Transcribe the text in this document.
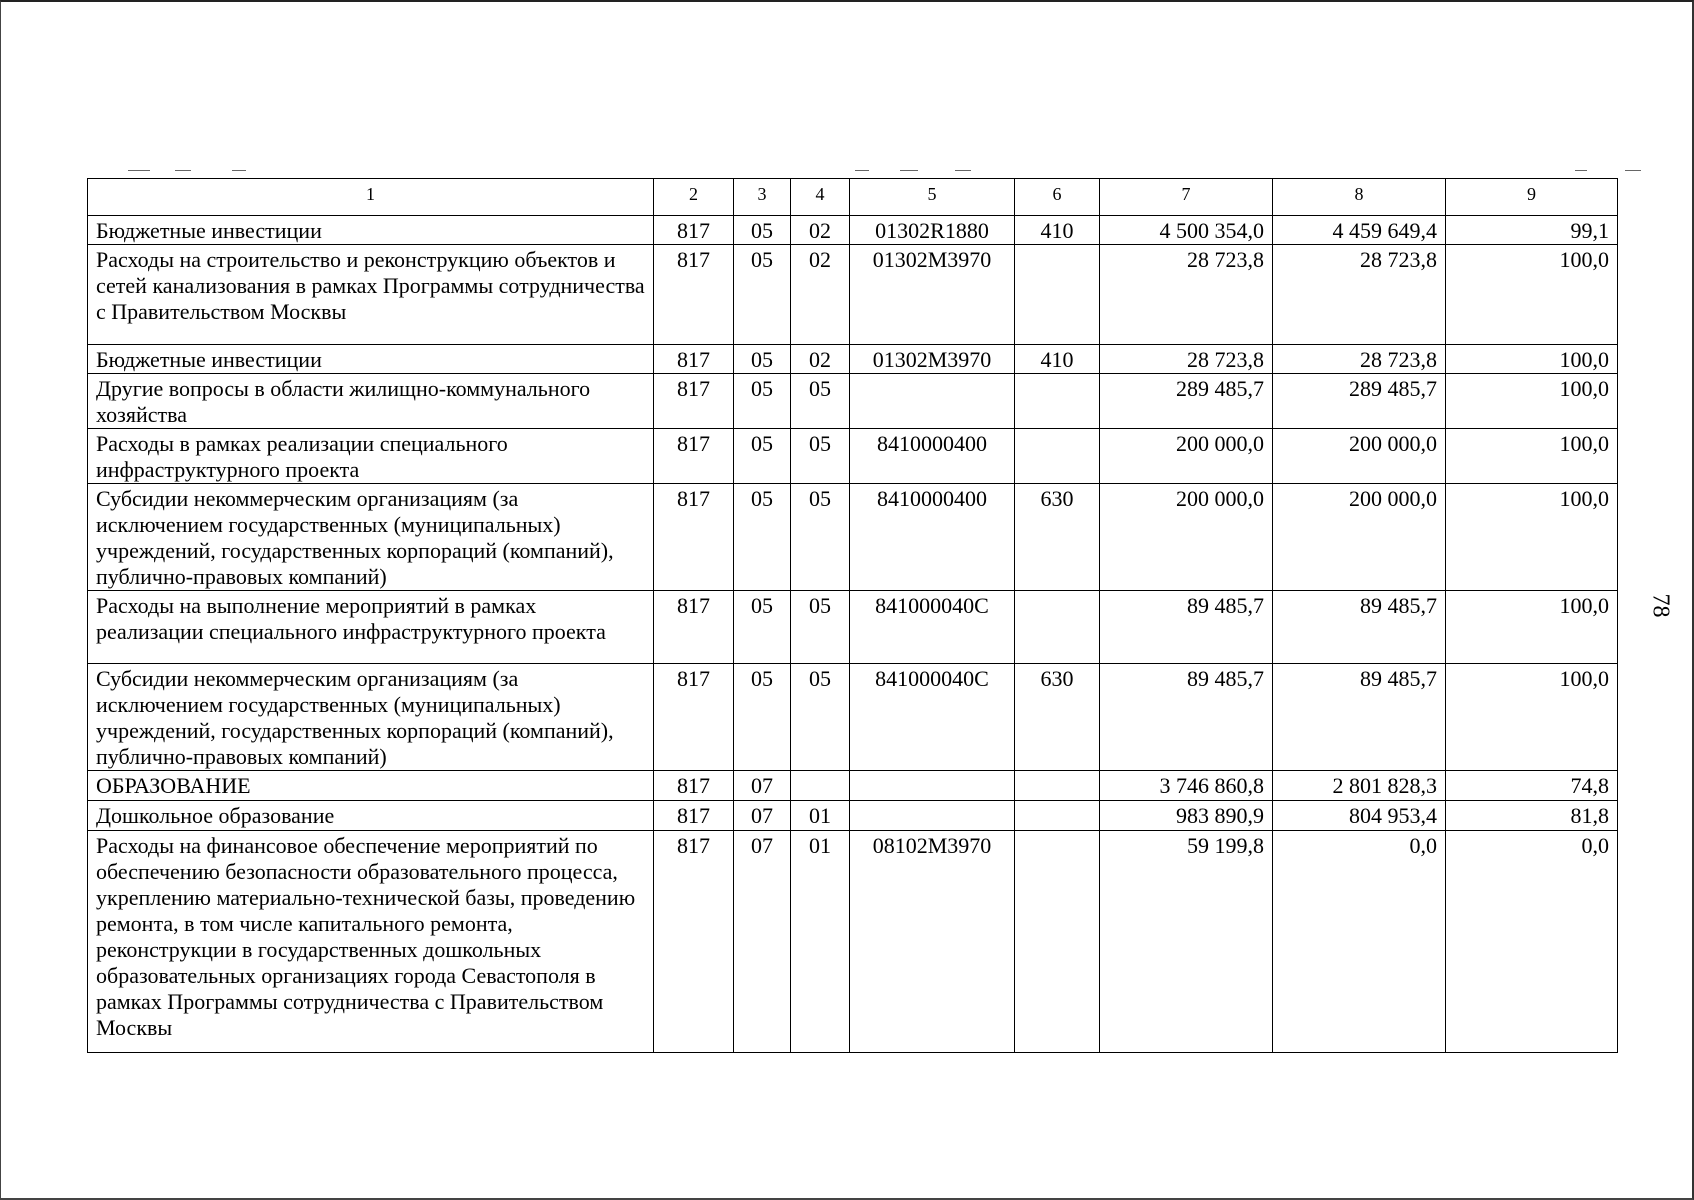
78
1	2	3	4	5	6	7	8	9
Бюджетные инвестиции	817	05	02	01302R1880	410	4 500 354,0	4 459 649,4	99,1
Расходы на строительство и реконструкцию объектов и сетей канализования в рамках Программы сотрудничества с Правительством Москвы	817	05	02	01302M3970		28 723,8	28 723,8	100,0
Бюджетные инвестиции	817	05	02	01302M3970	410	28 723,8	28 723,8	100,0
Другие вопросы в области жилищно-коммунального хозяйства	817	05	05			289 485,7	289 485,7	100,0
Расходы в рамках реализации специального инфраструктурного проекта	817	05	05	8410000400		200 000,0	200 000,0	100,0
Субсидии некоммерческим организациям (за исключением государственных (муниципальных) учреждений, государственных корпораций (компаний), публично-правовых компаний)	817	05	05	8410000400	630	200 000,0	200 000,0	100,0
Расходы на выполнение мероприятий в рамках реализации специального инфраструктурного проекта	817	05	05	841000040C		89 485,7	89 485,7	100,0
Субсидии некоммерческим организациям (за исключением государственных (муниципальных) учреждений, государственных корпораций (компаний), публично-правовых компаний)	817	05	05	841000040C	630	89 485,7	89 485,7	100,0
ОБРАЗОВАНИЕ	817	07				3 746 860,8	2 801 828,3	74,8
Дошкольное образование	817	07	01			983 890,9	804 953,4	81,8
Расходы на финансовое обеспечение мероприятий по обеспечению безопасности образовательного процесса, укреплению материально-технической базы, проведению ремонта, в том числе капитального ремонта, реконструкции в государственных дошкольных образовательных организациях города Севастополя в рамках Программы сотрудничества с Правительством Москвы	817	07	01	08102M3970		59 199,8	0,0	0,0
